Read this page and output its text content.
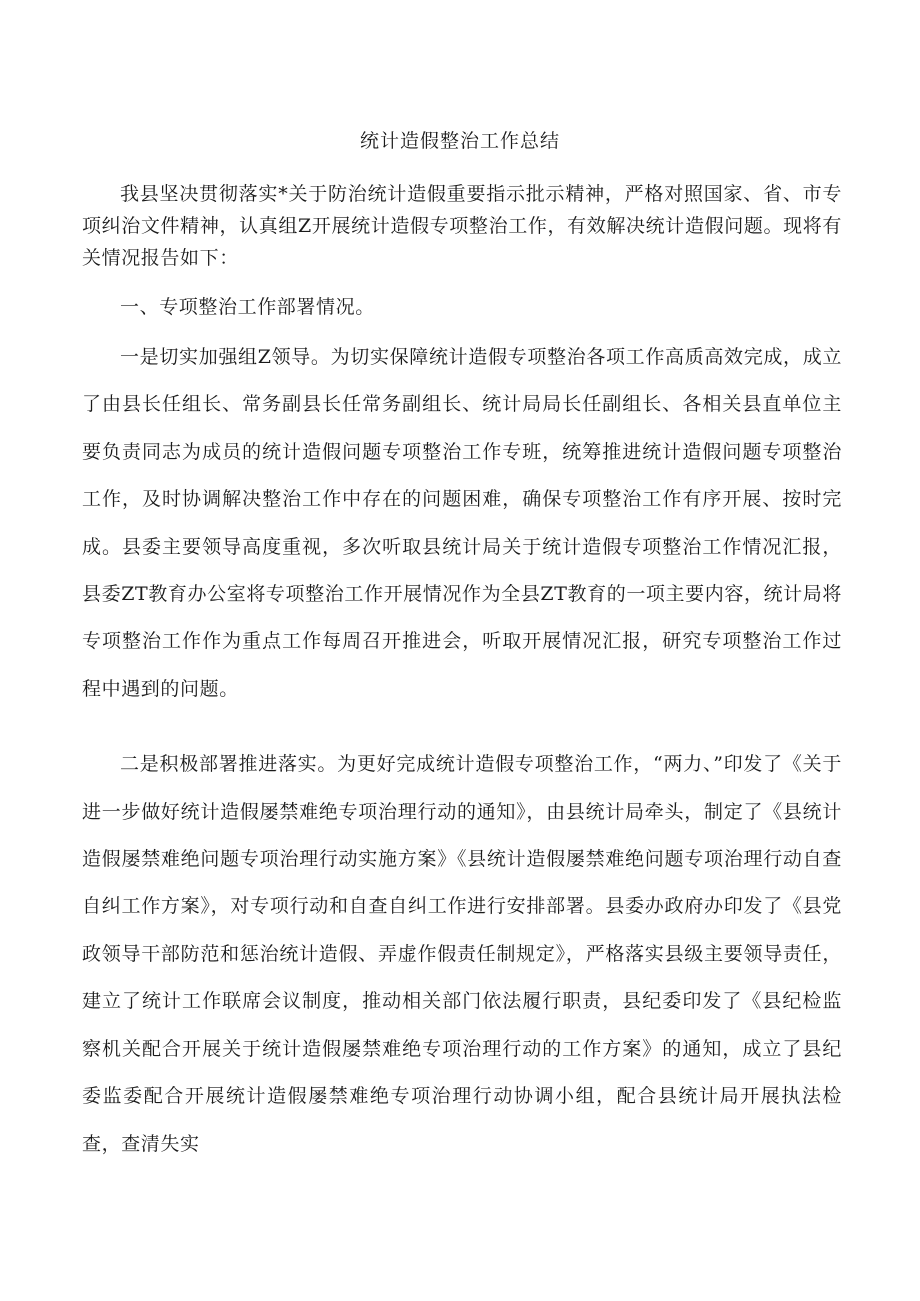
统计造假整治工作总结

我县坚决贯彻落实*关于防治统计造假重要指示批示精神，严格对照国家、省、市专项纠治文件精神，认真组Z开展统计造假专项整治工作，有效解决统计造假问题。现将有关情况报告如下：

一、专项整治工作部署情况。

一是切实加强组Z领导。为切实保障统计造假专项整治各项工作高质高效完成，成立了由县长任组长、常务副县长任常务副组长、统计局局长任副组长、各相关县直单位主要负责同志为成员的统计造假问题专项整治工作专班，统筹推进统计造假问题专项整治工作，及时协调解决整治工作中存在的问题困难，确保专项整治工作有序开展、按时完成。县委主要领导高度重视，多次听取县统计局关于统计造假专项整治工作情况汇报，县委ZT教育办公室将专项整治工作开展情况作为全县ZT教育的一项主要内容，统计局将专项整治工作作为重点工作每周召开推进会，听取开展情况汇报，研究专项整治工作过程中遇到的问题。

二是积极部署推进落实。为更好完成统计造假专项整治工作，“两力、”印发了《关于进一步做好统计造假屡禁难绝专项治理行动的通知》，由县统计局牵头，制定了《县统计造假屡禁难绝问题专项治理行动实施方案》《县统计造假屡禁难绝问题专项治理行动自查自纠工作方案》，对专项行动和自查自纠工作进行安排部署。县委办政府办印发了《县党政领导干部防范和惩治统计造假、弄虚作假责任制规定》，严格落实县级主要领导责任，建立了统计工作联席会议制度，推动相关部门依法履行职责，县纪委印发了《县纪检监察机关配合开展关于统计造假屡禁难绝专项治理行动的工作方案》的通知，成立了县纪委监委配合开展统计造假屡禁难绝专项治理行动协调小组，配合县统计局开展执法检查，查清失实
